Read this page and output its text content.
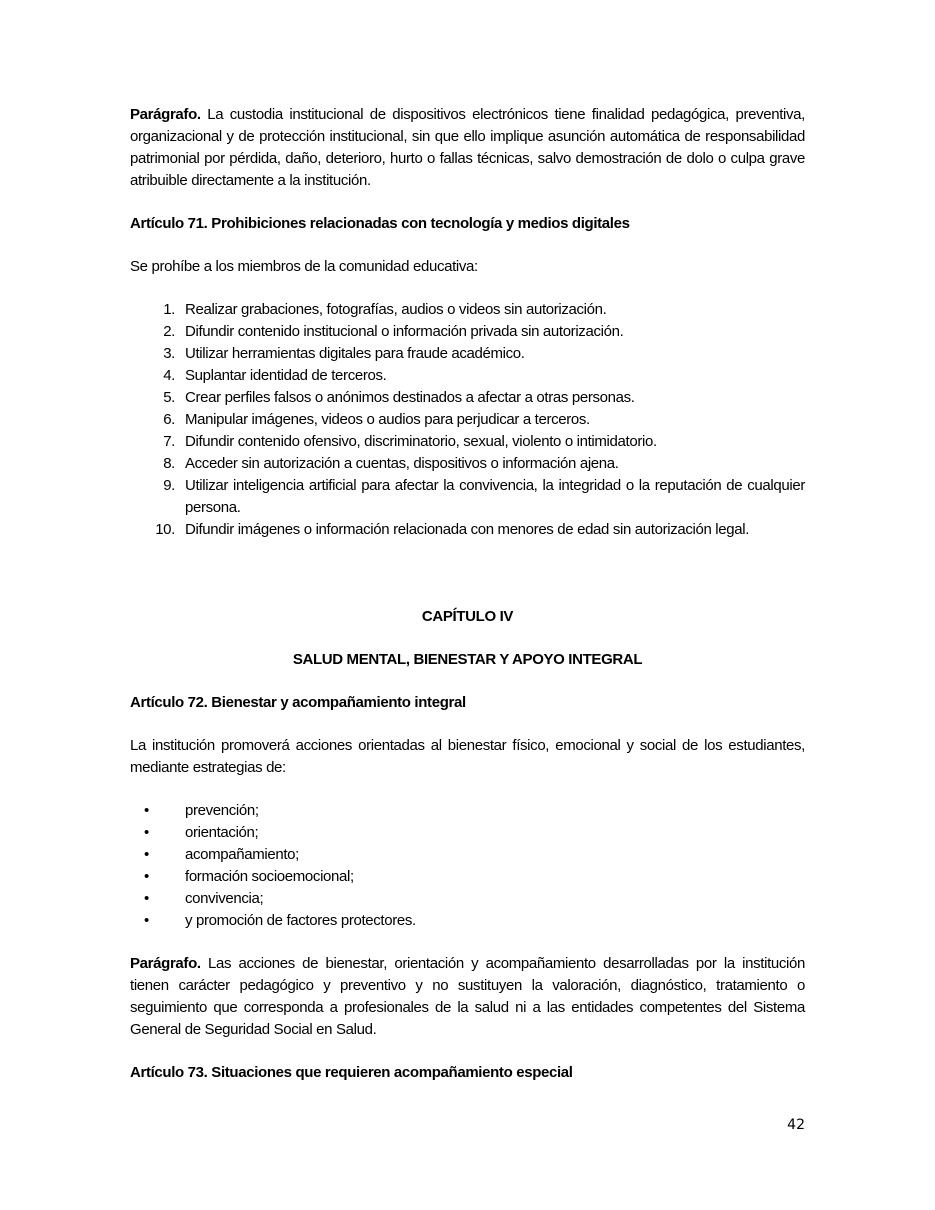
Parágrafo. La custodia institucional de dispositivos electrónicos tiene finalidad pedagógica, preventiva, organizacional y de protección institucional, sin que ello implique asunción automática de responsabilidad patrimonial por pérdida, daño, deterioro, hurto o fallas técnicas, salvo demostración de dolo o culpa grave atribuible directamente a la institución.

Artículo 71. Prohibiciones relacionadas con tecnología y medios digitales

Se prohíbe a los miembros de la comunidad educativa:

1. Realizar grabaciones, fotografías, audios o videos sin autorización.
2. Difundir contenido institucional o información privada sin autorización.
3. Utilizar herramientas digitales para fraude académico.
4. Suplantar identidad de terceros.
5. Crear perfiles falsos o anónimos destinados a afectar a otras personas.
6. Manipular imágenes, videos o audios para perjudicar a terceros.
7. Difundir contenido ofensivo, discriminatorio, sexual, violento o intimidatorio.
8. Acceder sin autorización a cuentas, dispositivos o información ajena.
9. Utilizar inteligencia artificial para afectar la convivencia, la integridad o la reputación de cualquier persona.
10. Difundir imágenes o información relacionada con menores de edad sin autorización legal.

CAPÍTULO IV

SALUD MENTAL, BIENESTAR Y APOYO INTEGRAL

Artículo 72. Bienestar y acompañamiento integral

La institución promoverá acciones orientadas al bienestar físico, emocional y social de los estudiantes, mediante estrategias de:

•	prevención;
•	orientación;
•	acompañamiento;
•	formación socioemocional;
•	convivencia;
•	y promoción de factores protectores.

Parágrafo. Las acciones de bienestar, orientación y acompañamiento desarrolladas por la institución tienen carácter pedagógico y preventivo y no sustituyen la valoración, diagnóstico, tratamiento o seguimiento que corresponda a profesionales de la salud ni a las entidades competentes del Sistema General de Seguridad Social en Salud.

Artículo 73. Situaciones que requieren acompañamiento especial

42
